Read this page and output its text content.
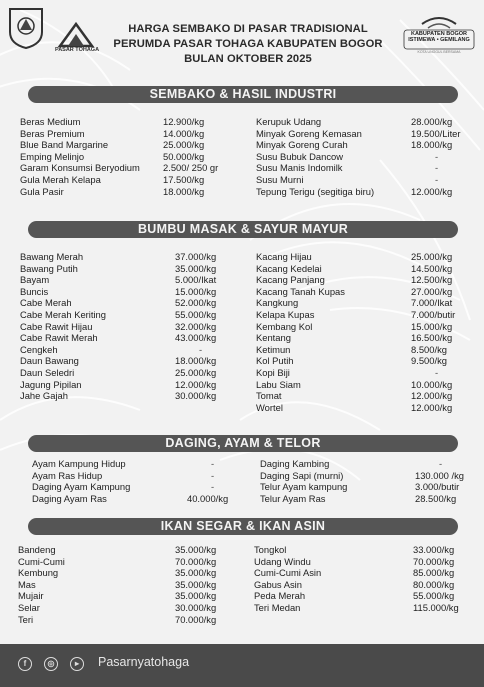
PASAR TOHAGA
KABUPATEN BOGOR
ISTIMEWA • GEMILANG
KOTA UNGGUL BERSAMA
HARGA SEMBAKO DI PASAR TRADISIONAL
PERUMDA PASAR TOHAGA KABUPATEN BOGOR
BULAN OKTOBER 2025
SEMBAKO & HASIL INDUSTRI
Beras Medium	12.900/kg
Beras Premium	14.000/kg
Blue Band Margarine	25.000/kg
Emping Melinjo	50.000/kg
Garam Konsumsi Beryodium 2.500/ 250 gr
Gula Merah Kelapa	17.500/kg
Gula Pasir	18.000/kg
Kerupuk Udang	28.000/kg
Minyak Goreng Kemasan	19.500/Liter
Minyak Goreng Curah	18.000/kg
Susu Bubuk Dancow	-
Susu Manis Indomilk	-
Susu Murni	-
Tepung Terigu (segitiga biru)	12.000/kg
BUMBU MASAK & SAYUR MAYUR
Bawang Merah	37.000/kg
Bawang Putih	35.000/kg
Bayam	5.000/Ikat
Buncis	15.000/kg
Cabe Merah	52.000/kg
Cabe Merah Keriting	55.000/kg
Cabe Rawit Hijau	32.000/kg
Cabe Rawit Merah	43.000/kg
Cengkeh	-
Daun Bawang	18.000/kg
Daun Seledri	25.000/kg
Jagung Pipilan	12.000/kg
Jahe Gajah	30.000/kg
Kacang Hijau	25.000/kg
Kacang Kedelai	14.500/kg
Kacang Panjang	12.500/kg
Kacang Tanah Kupas	27.000/kg
Kangkung	7.000/Ikat
Kelapa Kupas	7.000/butir
Kembang Kol	15.000/kg
Kentang	16.500/kg
Ketimun	8.500/kg
Kol Putih	9.500/kg
Kopi Biji	-
Labu Siam	10.000/kg
Tomat	12.000/kg
Wortel	12.000/kg
DAGING, AYAM & TELOR
Ayam Kampung Hidup	-
Ayam Ras Hidup	-
Daging Ayam Kampung	-
Daging Ayam Ras	40.000/kg
Daging Kambing	-
Daging Sapi (murni)	130.000 /kg
Telur Ayam kampung	3.000/butir
Telur Ayam Ras	28.500/kg
IKAN SEGAR & IKAN ASIN
Bandeng	35.000/kg
Cumi-Cumi	70.000/kg
Kembung	35.000/kg
Mas	35.000/kg
Mujair	35.000/kg
Selar	30.000/kg
Teri	70.000/kg
Tongkol	33.000/kg
Udang Windu	70.000/kg
Cumi-Cumi Asin	85.000/kg
Gabus Asin	80.000/kg
Peda Merah	55.000/kg
Teri Medan	115.000/kg
f	◎	▸	Pasarnyatohaga
